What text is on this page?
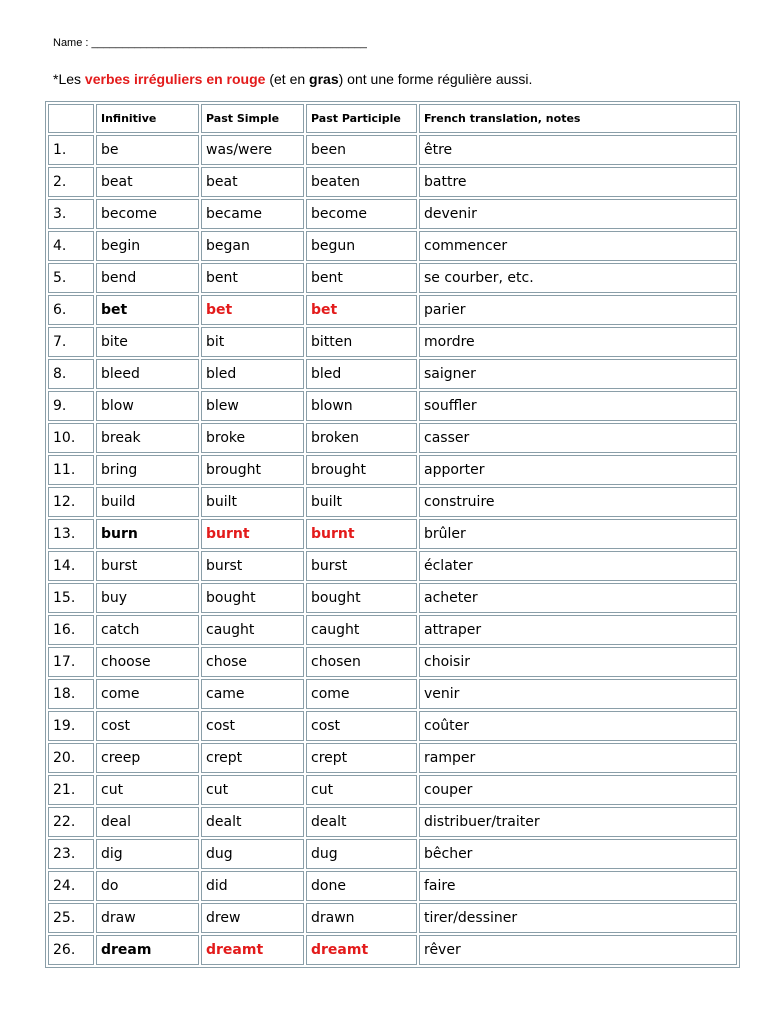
Name : _____________________________________________
*Les verbes irréguliers en rouge (et en gras) ont une forme régulière aussi.
	Infinitive	Past Simple	Past Participle	French translation, notes
1.	be	was/were	been	être
2.	beat	beat	beaten	battre
3.	become	became	become	devenir
4.	begin	began	begun	commencer
5.	bend	bent	bent	se courber, etc.
6.	bet	bet	bet	parier
7.	bite	bit	bitten	mordre
8.	bleed	bled	bled	saigner
9.	blow	blew	blown	souffler
10.	break	broke	broken	casser
11.	bring	brought	brought	apporter
12.	build	built	built	construire
13.	burn	burnt	burnt	brûler
14.	burst	burst	burst	éclater
15.	buy	bought	bought	acheter
16.	catch	caught	caught	attraper
17.	choose	chose	chosen	choisir
18.	come	came	come	venir
19.	cost	cost	cost	coûter
20.	creep	crept	crept	ramper
21.	cut	cut	cut	couper
22.	deal	dealt	dealt	distribuer/traiter
23.	dig	dug	dug	bêcher
24.	do	did	done	faire
25.	draw	drew	drawn	tirer/dessiner
26.	dream	dreamt	dreamt	rêver
